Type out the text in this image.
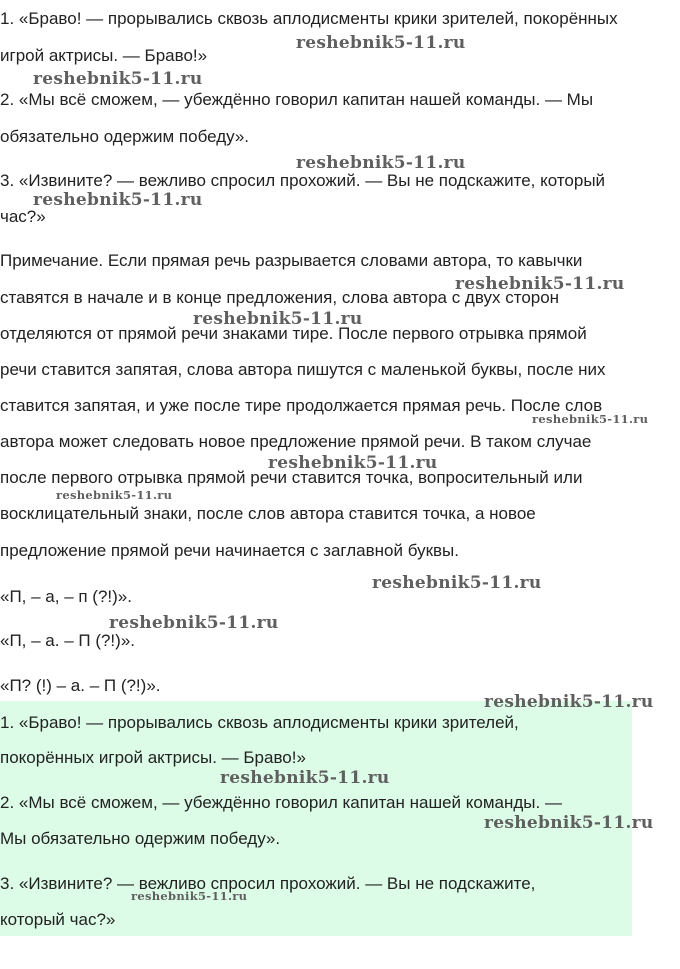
1. «Браво! — прорывались сквозь аплодисменты крики зрителей, покорённых

игрой актрисы. — Браво!»

2. «Мы всё сможем, — убеждённо говорил капитан нашей команды. — Мы

обязательно одержим победу».

3. «Извините? — вежливо спросил прохожий. — Вы не подскажите, который

час?»

Примечание. Если прямая речь разрывается словами автора, то кавычки

ставятся в начале и в конце предложения, слова автора с двух сторон

отделяются от прямой речи знаками тире. После первого отрывка прямой

речи ставится запятая, слова автора пишутся с маленькой буквы, после них

ставится запятая, и уже после тире продолжается прямая речь. После слов

автора может следовать новое предложение прямой речи. В таком случае

после первого отрывка прямой речи ставится точка, вопросительный или

восклицательный знаки, после слов автора ставится точка, а новое

предложение прямой речи начинается с заглавной буквы.

«П, – а, – п (?!)».

«П, – а. – П (?!)».

«П? (!) – а. – П (?!)».

1. «Браво! — прорывались сквозь аплодисменты крики зрителей,

покорённых игрой актрисы. — Браво!»

2. «Мы всё сможем, — убеждённо говорил капитан нашей команды. —

Мы обязательно одержим победу».

3. «Извините? — вежливо спросил прохожий. — Вы не подскажите,

который час?»

reshebnik5-11.ru
reshebnik5-11.ru
reshebnik5-11.ru
reshebnik5-11.ru
reshebnik5-11.ru
reshebnik5-11.ru
reshebnik5-11.ru
reshebnik5-11.ru
reshebnik5-11.ru
reshebnik5-11.ru
reshebnik5-11.ru
reshebnik5-11.ru
reshebnik5-11.ru
reshebnik5-11.ru
reshebnik5-11.ru
